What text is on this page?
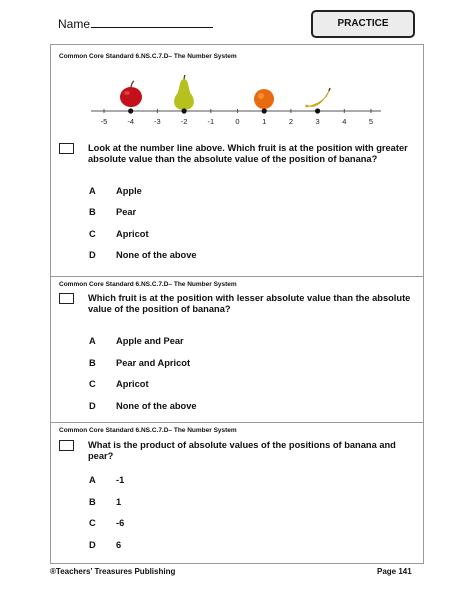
Name	PRACTICE
Common Core Standard 6.NS.C.7.D– The Number System
-5	-4	-3	-2	-1	0	1	2	3	4	5
Look at the number line above. Which fruit is at the position with greater absolute value than the absolute value of the position of banana?
A Apple
B Pear
C Apricot
D None of the above
Common Core Standard 6.NS.C.7.D– The Number System
Which fruit is at the position with lesser absolute value than the absolute value of the position of banana?
A Apple and Pear
B Pear and Apricot
C Apricot
D None of the above
Common Core Standard 6.NS.C.7.D– The Number System
What is the product of absolute values of the positions of banana and pear?
A -1
B 1
C -6
D 6
®Teachers’ Treasures Publishing	Page 141
